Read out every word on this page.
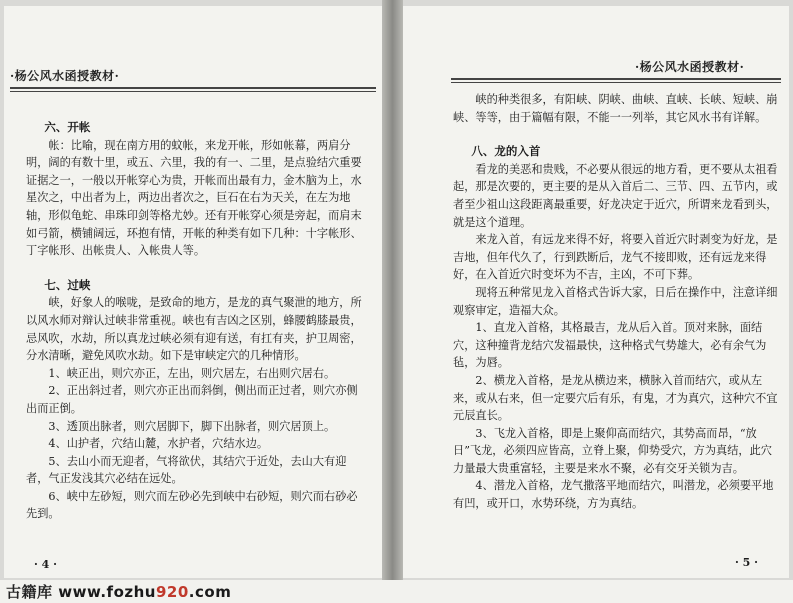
·杨公风水函授教材·
六、开帐

帐：比喻，现在南方用的蚊帐，来龙开帐，形如帐幕，两肩分明，阔的有数十里，或五、六里，我的有一、二里，是点验结穴重要证据之一，一般以开帐穿心为贵，开帐而出最有力，金木脑为上，水星次之，中出者为上，两边出者次之，巨石在右为天关，在左为地轴，形似龟蛇、串珠印剑等格尤妙。还有开帐穿心须是旁起，而肩末如弓箭，横铺阔远，环抱有情，开帐的种类有如下几种：十字帐形、丁字帐形、出帐贵人、入帐贵人等。

七、过峡

峡，好象人的喉咙，是致命的地方，是龙的真气聚泄的地方，所以风水师对辩认过峡非常重视。峡也有吉凶之区别，蜂腰鹤膝最贵，忌风吹，水劫，所以真龙过峡必须有迎有送，有扛有夹，护卫周密，分水清晰，避免风吹水劫。如下是审峡定穴的几种情形。

1、峡正出，则穴亦正，左出，则穴居左，右出则穴居右。

2、正出斜过者，则穴亦正出而斜倒，侧出而正过者，则穴亦侧出而正倒。

3、透顶出脉者，则穴居脚下，脚下出脉者，则穴居顶上。

4、山护者，穴结山麓，水护者，穴结水边。

5、去山小而无迎者，气将欲伏，其结穴于近处，去山大有迎者，气正发浅其穴必结在远处。

6、峡中左砂短，则穴而左砂必先到峡中右砂短，则穴而右砂必先到。

· 4 ·
·杨公风水函授教材·

峡的种类很多，有阳峡、阴峡、曲峡、直峡、长峡、短峡、崩峡、等等，由于篇幅有限，不能一一列举，其它风水书有详解。

八、龙的入首

看龙的美恶和贵贱，不必要从很远的地方看，更不要从太祖看起，那是次要的，更主要的是从入首后二、三节、四、五节内，或者至少祖山这段距离最重要，好龙决定于近穴，所谓来龙看到头，就是这个道理。

来龙入首，有远龙来得不好，将要入首近穴时剥变为好龙，是吉地，但年代久了，行到跌断后，龙气不接即败，还有远龙来得好，在入首近穴时变坏为不吉，主凶，不可下葬。

现将五种常见龙入首格式告诉大家，日后在操作中，注意详细观察审定，造福大众。

1、直龙入首格，其格最吉，龙从后入首。顶对来脉，面结穴，这种撞背龙结穴发福最快，这种格式气势雄大，必有余气为毡，为唇。

2、横龙入首格，是龙从横边来，横脉入首而结穴，或从左来，或从右来，但一定要穴后有乐，有鬼，才为真穴，这种穴不宜元辰直长。

3、飞龙入首格，即是上聚仰高而结穴，其势高而昂，“放日”飞龙，必须四应皆高，立脊上聚，仰势受穴，方为真结，此穴力量最大贵重富轻，主要是来水不聚，必有交牙关锁为吉。

4、潜龙入首格，龙气撒落平地而结穴，叫潜龙，必须要平地有凹，或开口，水势环绕，方为真结。

· 5 ·
古籍库 www.fozhu920.com
